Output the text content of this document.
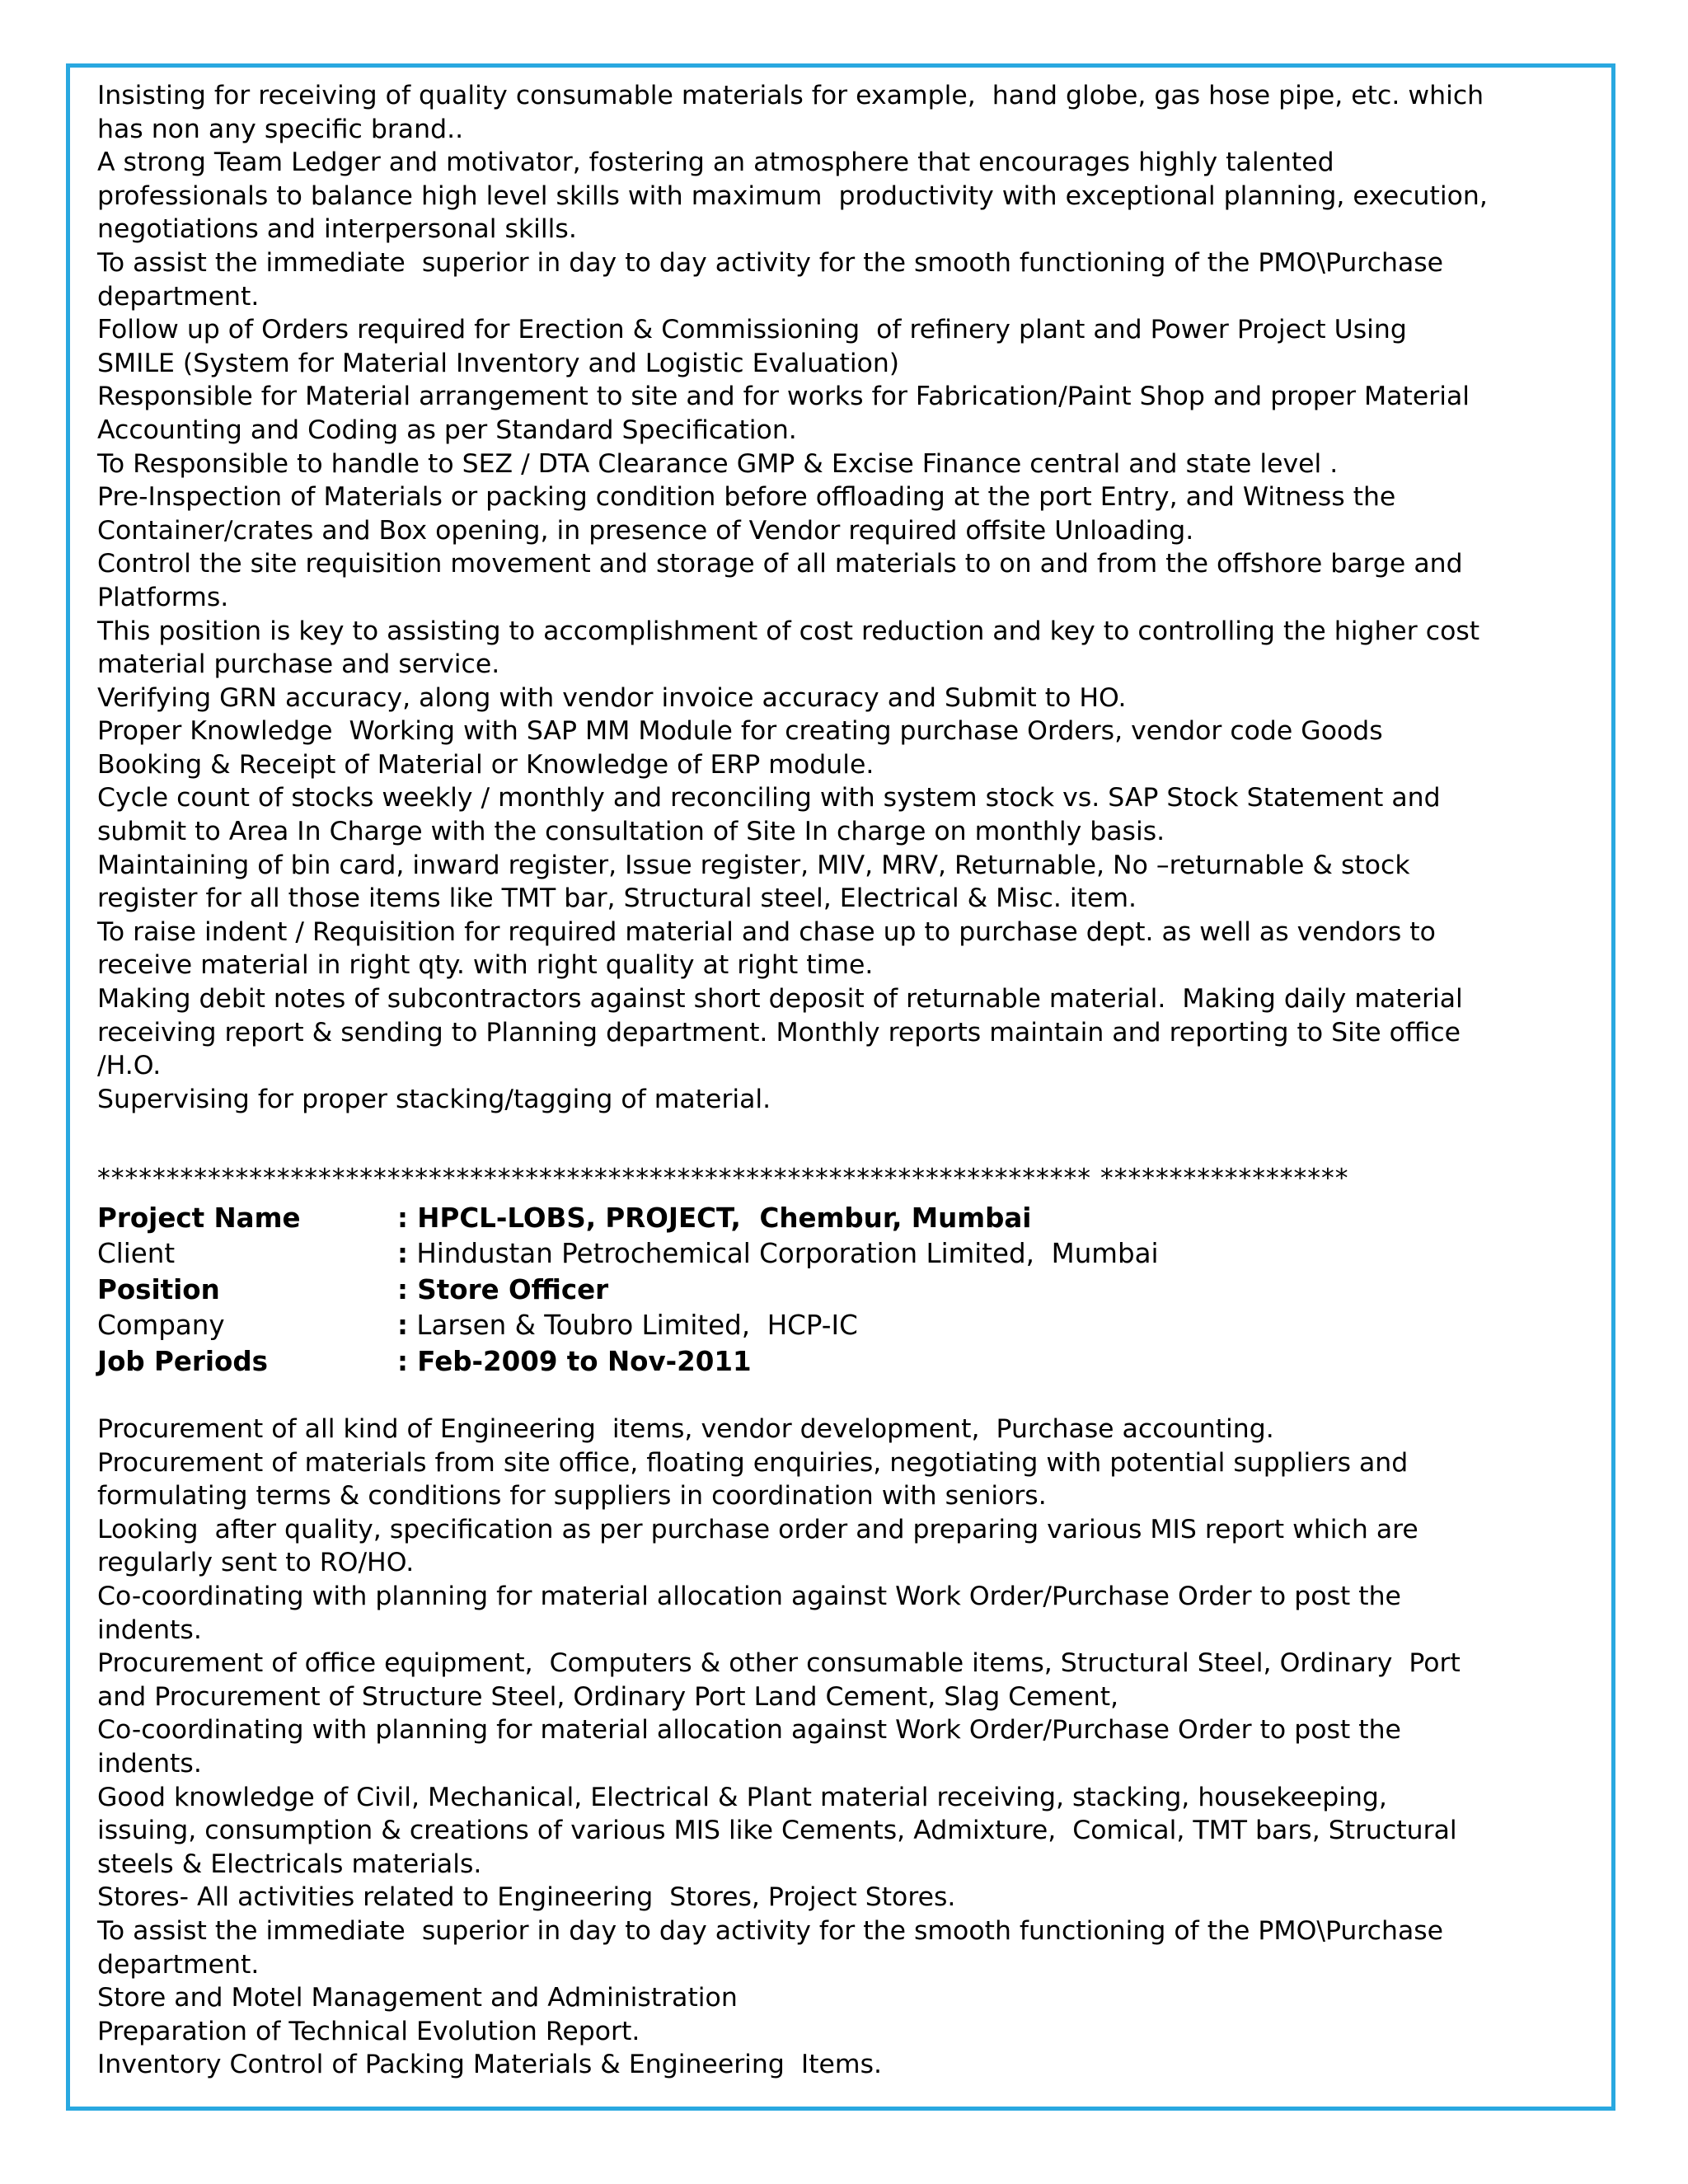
Insisting for receiving of quality consumable materials for example,  hand globe, gas hose pipe, etc. which
has non any specific brand..
A strong Team Ledger and motivator, fostering an atmosphere that encourages highly talented
professionals to balance high level skills with maximum  productivity with exceptional planning, execution,
negotiations and interpersonal skills.
To assist the immediate  superior in day to day activity for the smooth functioning of the PMO\Purchase
department.
Follow up of Orders required for Erection & Commissioning  of refinery plant and Power Project Using
SMILE (System for Material Inventory and Logistic Evaluation)
Responsible for Material arrangement to site and for works for Fabrication/Paint Shop and proper Material
Accounting and Coding as per Standard Specification.
To Responsible to handle to SEZ / DTA Clearance GMP & Excise Finance central and state level .
Pre-Inspection of Materials or packing condition before offloading at the port Entry, and Witness the
Container/crates and Box opening, in presence of Vendor required offsite Unloading.
Control the site requisition movement and storage of all materials to on and from the offshore barge and
Platforms.
This position is key to assisting to accomplishment of cost reduction and key to controlling the higher cost
material purchase and service.
Verifying GRN accuracy, along with vendor invoice accuracy and Submit to HO.
Proper Knowledge  Working with SAP MM Module for creating purchase Orders, vendor code Goods
Booking & Receipt of Material or Knowledge of ERP module.
Cycle count of stocks weekly / monthly and reconciling with system stock vs. SAP Stock Statement and
submit to Area In Charge with the consultation of Site In charge on monthly basis.
Maintaining of bin card, inward register, Issue register, MIV, MRV, Returnable, No –returnable & stock
register for all those items like TMT bar, Structural steel, Electrical & Misc. item.
To raise indent / Requisition for required material and chase up to purchase dept. as well as vendors to
receive material in right qty. with right quality at right time.
Making debit notes of subcontractors against short deposit of returnable material.  Making daily material
receiving report & sending to Planning department. Monthly reports maintain and reporting to Site office
/H.O.
Supervising for proper stacking/tagging of material.
************************************************************************ ******************
Project Name	: HPCL-LOBS, PROJECT,  Chembur, Mumbai
Client	: Hindustan Petrochemical Corporation Limited,  Mumbai
Position	: Store Officer
Company	: Larsen & Toubro Limited,  HCP-IC
Job Periods	: Feb-2009 to Nov-2011
Procurement of all kind of Engineering  items, vendor development,  Purchase accounting.
Procurement of materials from site office, floating enquiries, negotiating with potential suppliers and
formulating terms & conditions for suppliers in coordination with seniors.
Looking  after quality, specification as per purchase order and preparing various MIS report which are
regularly sent to RO/HO.
Co-coordinating with planning for material allocation against Work Order/Purchase Order to post the
indents.
Procurement of office equipment,  Computers & other consumable items, Structural Steel, Ordinary  Port
and Procurement of Structure Steel, Ordinary Port Land Cement, Slag Cement,
Co-coordinating with planning for material allocation against Work Order/Purchase Order to post the
indents.
Good knowledge of Civil, Mechanical, Electrical & Plant material receiving, stacking, housekeeping,
issuing, consumption & creations of various MIS like Cements, Admixture,  Comical, TMT bars, Structural
steels & Electricals materials.
Stores- All activities related to Engineering  Stores, Project Stores.
To assist the immediate  superior in day to day activity for the smooth functioning of the PMO\Purchase
department.
Store and Motel Management and Administration
Preparation of Technical Evolution Report.
Inventory Control of Packing Materials & Engineering  Items.
